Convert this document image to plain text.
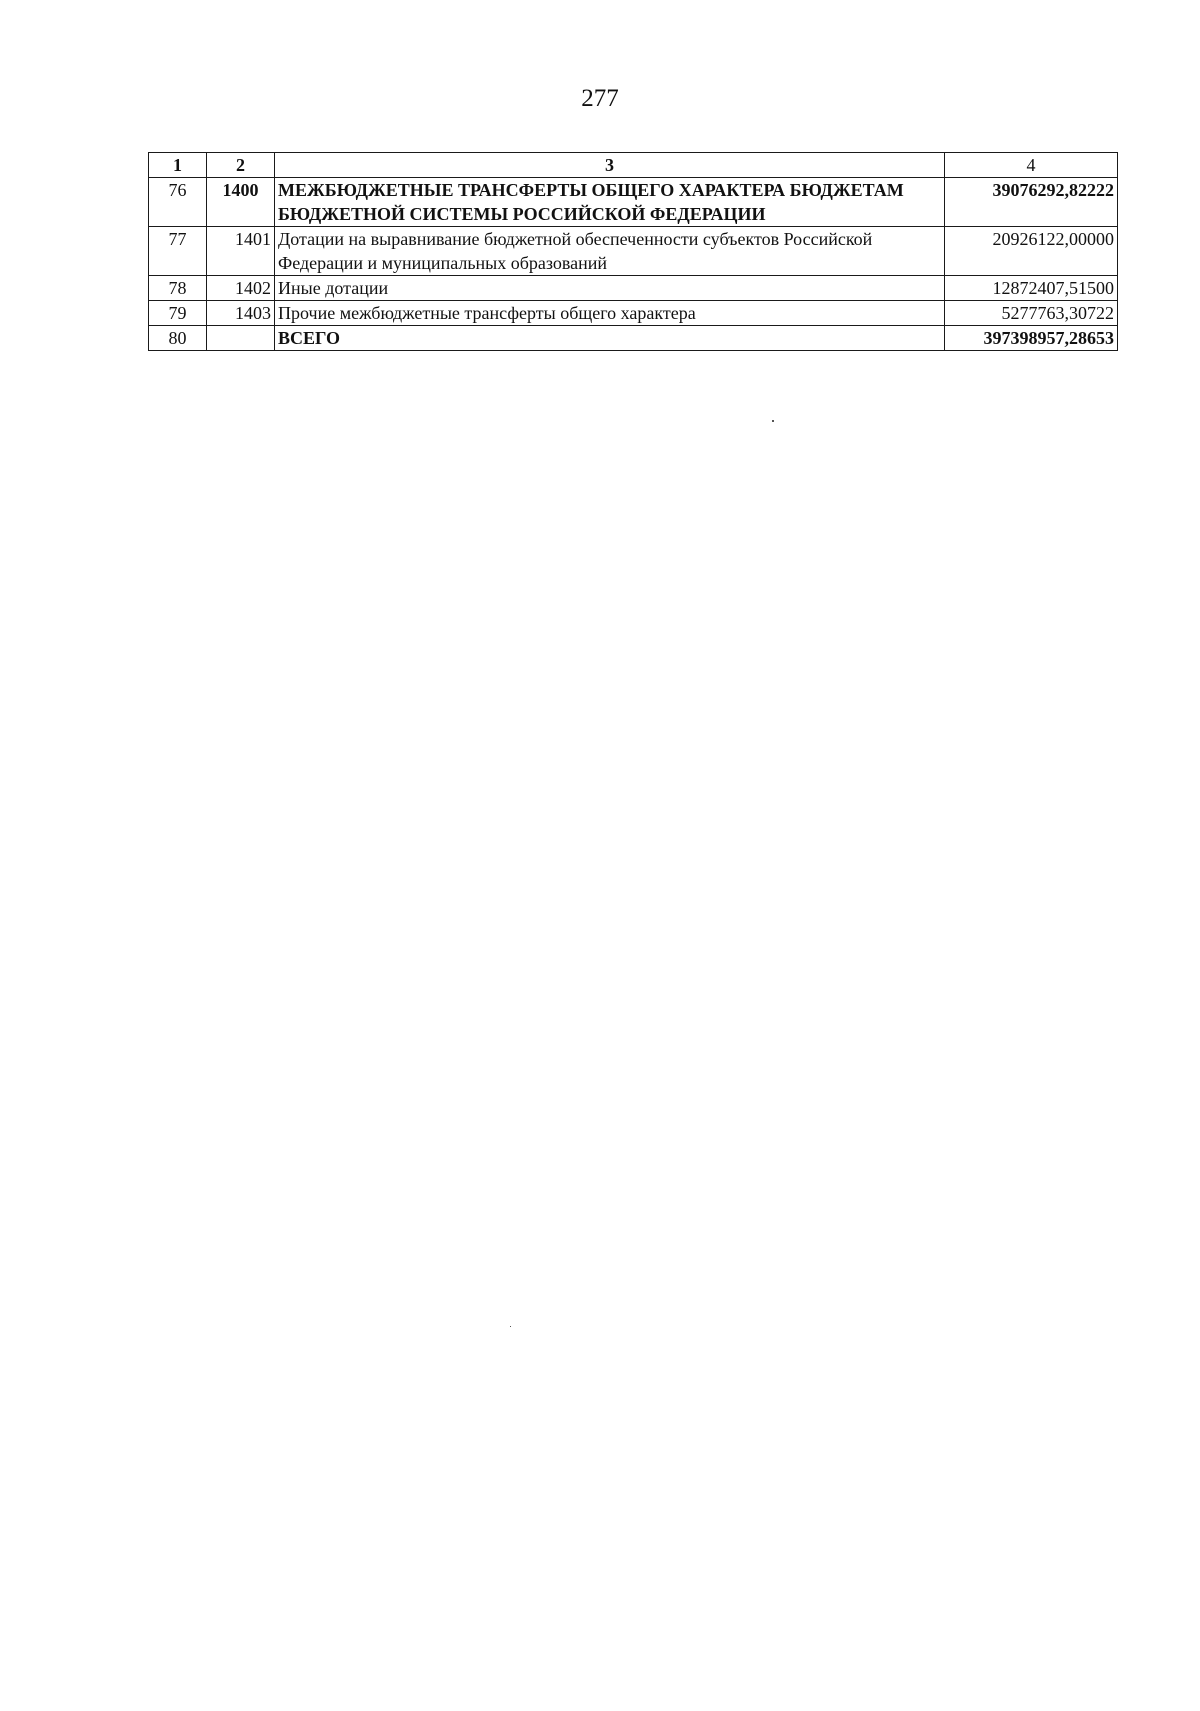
277
1	2	3	4
76	1400	МЕЖБЮДЖЕТНЫЕ ТРАНСФЕРТЫ ОБЩЕГО ХАРАКТЕРА БЮДЖЕТАМ БЮДЖЕТНОЙ СИСТЕМЫ РОССИЙСКОЙ ФЕДЕРАЦИИ	39076292,82222
77	1401	Дотации на выравнивание бюджетной обеспеченности субъектов Российской Федерации и муниципальных образований	20926122,00000
78	1402	Иные дотации	12872407,51500
79	1403	Прочие межбюджетные трансферты общего характера	5277763,30722
80		ВСЕГО	397398957,28653
